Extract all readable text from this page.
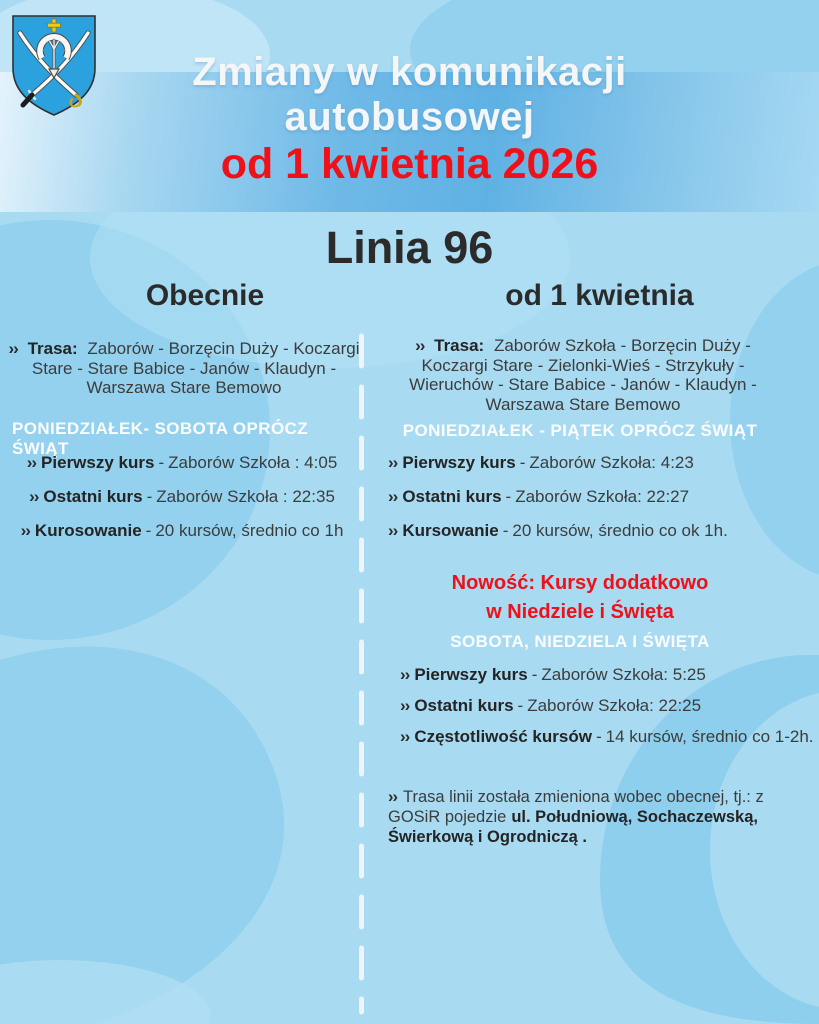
Zmiany w komunikacji
autobusowej
od 1 kwietnia 2026
Linia 96
Obecnie	od 1 kwietnia
›› Trasa: Zaborów - Borzęcin Duży - Koczargi Stare - Stare Babice - Janów - Klaudyn - Warszawa Stare Bemowo
PONIEDZIAŁEK- SOBOTA OPRÓCZ ŚWIĄT
›› Pierwszy kurs - Zaborów Szkoła : 4:05
›› Ostatni kurs - Zaborów Szkoła : 22:35
›› Kurosowanie - 20 kursów, średnio co 1h
›› Trasa: Zaborów Szkoła - Borzęcin Duży - Koczargi Stare - Zielonki-Wieś - Strzykuły - Wieruchów - Stare Babice - Janów - Klaudyn - Warszawa Stare Bemowo
PONIEDZIAŁEK - PIĄTEK OPRÓCZ ŚWIĄT
›› Pierwszy kurs - Zaborów Szkoła: 4:23
›› Ostatni kurs - Zaborów Szkoła: 22:27
›› Kursowanie - 20 kursów, średnio co ok 1h.
Nowość: Kursy dodatkowo
w Niedziele i Święta
SOBOTA, NIEDZIELA I ŚWIĘTA
›› Pierwszy kurs - Zaborów Szkoła: 5:25
›› Ostatni kurs - Zaborów Szkoła: 22:25
›› Częstotliwość kursów - 14 kursów, średnio co 1-2h.
›› Trasa linii została zmieniona wobec obecnej, tj.: z GOSiR pojedzie ul. Południową, Sochaczewską, Świerkową i Ogrodniczą .
